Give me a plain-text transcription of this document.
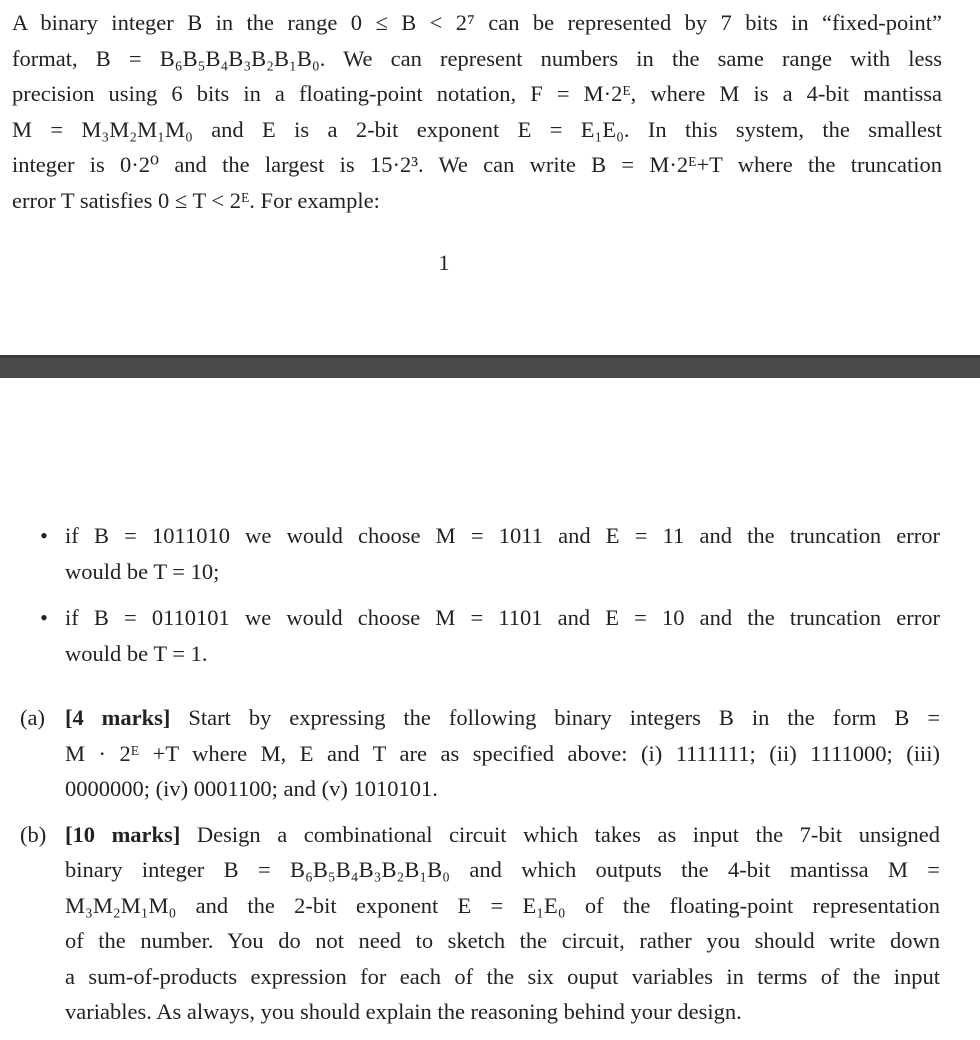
A binary integer B in the range 0 ≤ B < 2⁷ can be represented by 7 bits in “fixed-point”
format, B = B₆B₅B₄B₃B₂B₁B₀. We can represent numbers in the same range with less
precision using 6 bits in a floating-point notation, F = M·2ᴱ, where M is a 4-bit mantissa
M = M₃M₂M₁M₀ and E is a 2-bit exponent E = E₁E₀. In this system, the smallest
integer is 0·2⁰ and the largest is 15·2³. We can write B = M·2ᴱ+T where the truncation
error T satisfies 0 ≤ T < 2ᴱ. For example:
1
• if B = 1011010 we would choose M = 1011 and E = 11 and the truncation error
would be T = 10;
• if B = 0110101 we would choose M = 1101 and E = 10 and the truncation error
would be T = 1.
(a) [4 marks] Start by expressing the following binary integers B in the form B =
M · 2ᴱ +T where M, E and T are as specified above: (i) 1111111; (ii) 1111000; (iii)
0000000; (iv) 0001100; and (v) 1010101.
(b) [10 marks] Design a combinational circuit which takes as input the 7-bit unsigned
binary integer B = B₆B₅B₄B₃B₂B₁B₀ and which outputs the 4-bit mantissa M =
M₃M₂M₁M₀ and the 2-bit exponent E = E₁E₀ of the floating-point representation
of the number. You do not need to sketch the circuit, rather you should write down
a sum-of-products expression for each of the six ouput variables in terms of the input
variables. As always, you should explain the reasoning behind your design.
